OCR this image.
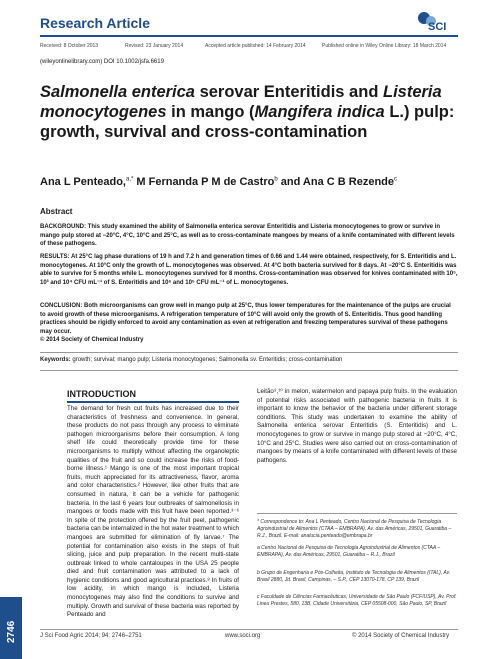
Research Article	SCI
Received: 8 October 2013	Revised: 23 January 2014	Accepted article published: 14 February 2014	Published online in Wiley Online Library: 18 March 2014
(wileyonlinelibrary.com) DOI 10.1002/jsfa.6619
Salmonella enterica serovar Enteritidis and Listeria monocytogenes in mango (Mangifera indica L.) pulp: growth, survival and cross-contamination
Ana L Penteado,$^{a,*}$ M Fernanda P M de Castro$^b$ and Ana C B Rezende$^c$
Abstract
BACKGROUND: This study examined the ability of Salmonella enterica serovar Enteritidis and Listeria monocytogenes to grow or survive in mango pulp stored at −20°C, 4°C, 10°C and 25°C, as well as to cross-contaminate mangoes by means of a knife contaminated with different levels of these pathogens.
RESULTS: At 25°C lag phase durations of 19 h and 7.2 h and generation times of 0.66 and 1.44 were obtained, respectively, for S. Enteritidis and L. monocytogenes. At 10°C only the growth of L. monocytogenes was observed. At 4°C both bacteria survived for 8 days. At −20°C S. Enteritidis was able to survive for 5 months while L. monocytogenes survived for 8 months. Cross-contamination was observed for knives contaminated with 10⁵, 10³ and 10⁴ CFU mL⁻¹ of S. Enteritidis and 10⁶ and 10⁵ CFU mL⁻¹ of L. monocytogenes.
CONCLUSION: Both microorganisms can grow well in mango pulp at 25°C, thus lower temperatures for the maintenance of the pulps are crucial to avoid growth of these microorganisms. A refrigeration temperature of 10°C will avoid only the growth of S. Enteritidis. Thus good handling practices should be rigidly enforced to avoid any contamination as even at refrigeration and freezing temperatures survival of these pathogens may occur.
© 2014 Society of Chemical Industry
Keywords: growth; survival; mango pulp; Listeria monocytogenes; Salmonella sv. Enteritidis; cross-contamination
INTRODUCTION
The demand for fresh cut fruits has increased due to their characteristics of freshness and convenience. In general, these products do not pass through any process to eliminate pathogen microorganisms before their consumption. A long shelf life could theoretically provide time for these microorganisms to multiply without affecting the organoleptic qualities of the fruit and so could increase the risks of food-borne illness.¹ Mango is one of the most important tropical fruits, much appreciated for its attractiveness, flavor, aroma and color characteristics.² However, like other fruits that are consumed in natura, it can be a vehicle for pathogenic bacteria. In the last 6 years four outbreaks of salmonellosis in mangoes or foods made with this fruit have been reported.³⁻⁶ In spite of the protection offered by the fruit peel, pathogenic bacteria can be internalized in the hot water treatment to which mangoes are submitted for elimination of fly larvae.⁷ The potential for contamination also exists in the steps of fruit slicing, juice and pulp preparation. In the recent multi-state outbreak linked to whole cantaloupes in the USA 25 people died and fruit contamination was attributed to a lack of hygienic conditions and good agricultural practices.⁸ In fruits of low acidity, in which mango is included, Listeria monocytogenes may also find the conditions to survive and multiply. Growth and survival of these bacteria was reported by Penteado and
Leitão⁹,¹⁰ in melon, watermelon and papaya pulp fruits. In the evaluation of potential risks associated with pathogenic bacteria in fruits it is important to know the behavior of the bacteria under different storage conditions. This study was undertaken to examine the ability of Salmonella enterica serovar Enteritidis (S. Enteritidis) and L. monocytogenes to grow or survive in mango pulp stored at −20°C, 4°C, 10°C and 25°C. Studies were also carried out on cross-contamination of mangoes by means of a knife contaminated with different levels of these pathogens.
* Correspondence to: Ana L Penteado, Centro Nacional de Pesquisa de Tecnologia Agroindustrial de Alimentos (CTAA – EMBRAPA), Av. das Américas, 29501, Guaratiba – R.J., Brazil. E-mail: analucia.penteado@embrapa.br
a Centro Nacional de Pesquisa de Tecnologia Agroindustrial de Alimentos (CTAA – EMBRAPA), Av. das Américas, 29501, Guaratiba – R.J., Brazil
b Grupo de Engenharia e Pós-Colheita, Instituto de Tecnologia de Alimentos (ITAL), Av. Brasil 2880, Jd. Brasil, Campinas, – S.P., CEP 13070-178, CP 139, Brazil
c Faculdade de Ciências Farmacêuticas, Universidade de São Paulo (FCF/USP), Av. Prof. Lineu Prestes, 580, 13B, Cidade Universitária, CEP 05508-000, São Paulo, SP, Brazil
2746	J Sci Food Agric 2014; 94: 2746–2751	www.soci.org	© 2014 Society of Chemical Industry
